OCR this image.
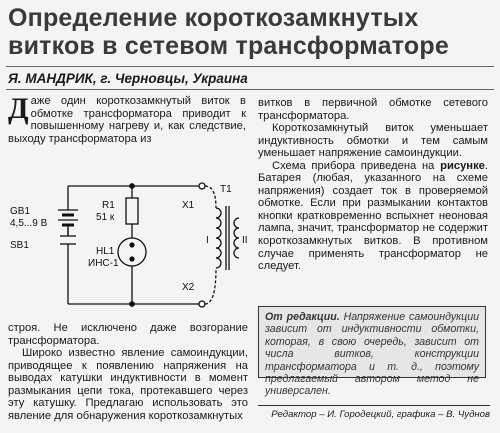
Определение короткозамкнутых
витков в сетевом трансформаторе

Я. МАНДРИК, г. Черновцы, Украина

Даже один короткозамкнутый виток в обмотке трансформатора приводит к повышенному нагреву и, как следствие, выходу трансформатора из

GB1
4,5...9 В
SB1
R1
51 к
HL1
ИНС-1
X1
X2
T1
I	II

строя. Не исключено даже возгорание трансформатора.

Широко известно явление самоиндукции, приводящее к появлению напряжения на выводах катушки индуктивности в момент размыкания цепи тока, протекавшего через эту катушку. Предлагаю использовать это явление для обнаружения короткозамкнутых

витков в первичной обмотке сетевого трансформатора.

Короткозамкнутый виток уменьшает индуктивность обмотки и тем самым уменьшает напряжение самоиндукции.

Схема прибора приведена на рисунке. Батарея (любая, указанного на схеме напряжения) создает ток в проверяемой обмотке. Если при размыкании контактов кнопки кратковременно вспыхнет неоновая лампа, значит, трансформатор не содержит короткозамкнутых витков. В противном случае применять трансформатор не следует.

От редакции. Напряжение самоиндукции зависит от индуктивности обмотки, которая, в свою очередь, зависит от числа витков, конструкции трансформатора и т. д., поэтому предлагаемый автором метод не универсален.
Редактор – И. Городецкий, графика – В. Чуднов
